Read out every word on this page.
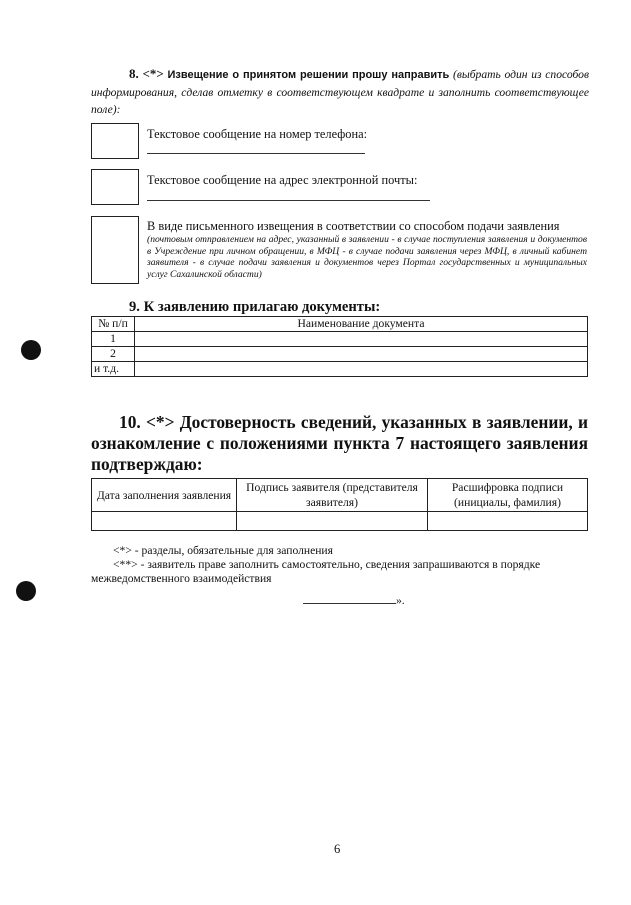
8. <*> Извещение о принятом решении прошу направить (выбрать один из способов информирования, сделав отметку в соответствующем квадрате и заполнить соответствующее поле):
Текстовое сообщение на номер телефона:
Текстовое сообщение на адрес электронной почты:
В виде письменного извещения в соответствии со способом подачи заявления
(почтовым отправлением на адрес, указанный в заявлении - в случае поступления заявления и документов в Учреждение при личном обращении, в МФЦ - в случае подачи заявления через МФЦ, в личный кабинет заявителя - в случае подачи заявления и документов через Портал государственных и муниципальных услуг Сахалинской области)
9. К заявлению прилагаю документы:
№ п/п	Наименование документа
1	
2	
и т.д.	
10. <*> Достоверность сведений, указанных в заявлении, и ознакомление с положениями пункта 7 настоящего заявления подтверждаю:
Дата заполнения заявления	Подпись заявителя (представителя заявителя)	Расшифровка подписи (инициалы, фамилия)

<*> - разделы, обязательные для заполнения
<**> - заявитель праве заполнить самостоятельно, сведения запрашиваются в порядке межведомственного взаимодействия
».
6
